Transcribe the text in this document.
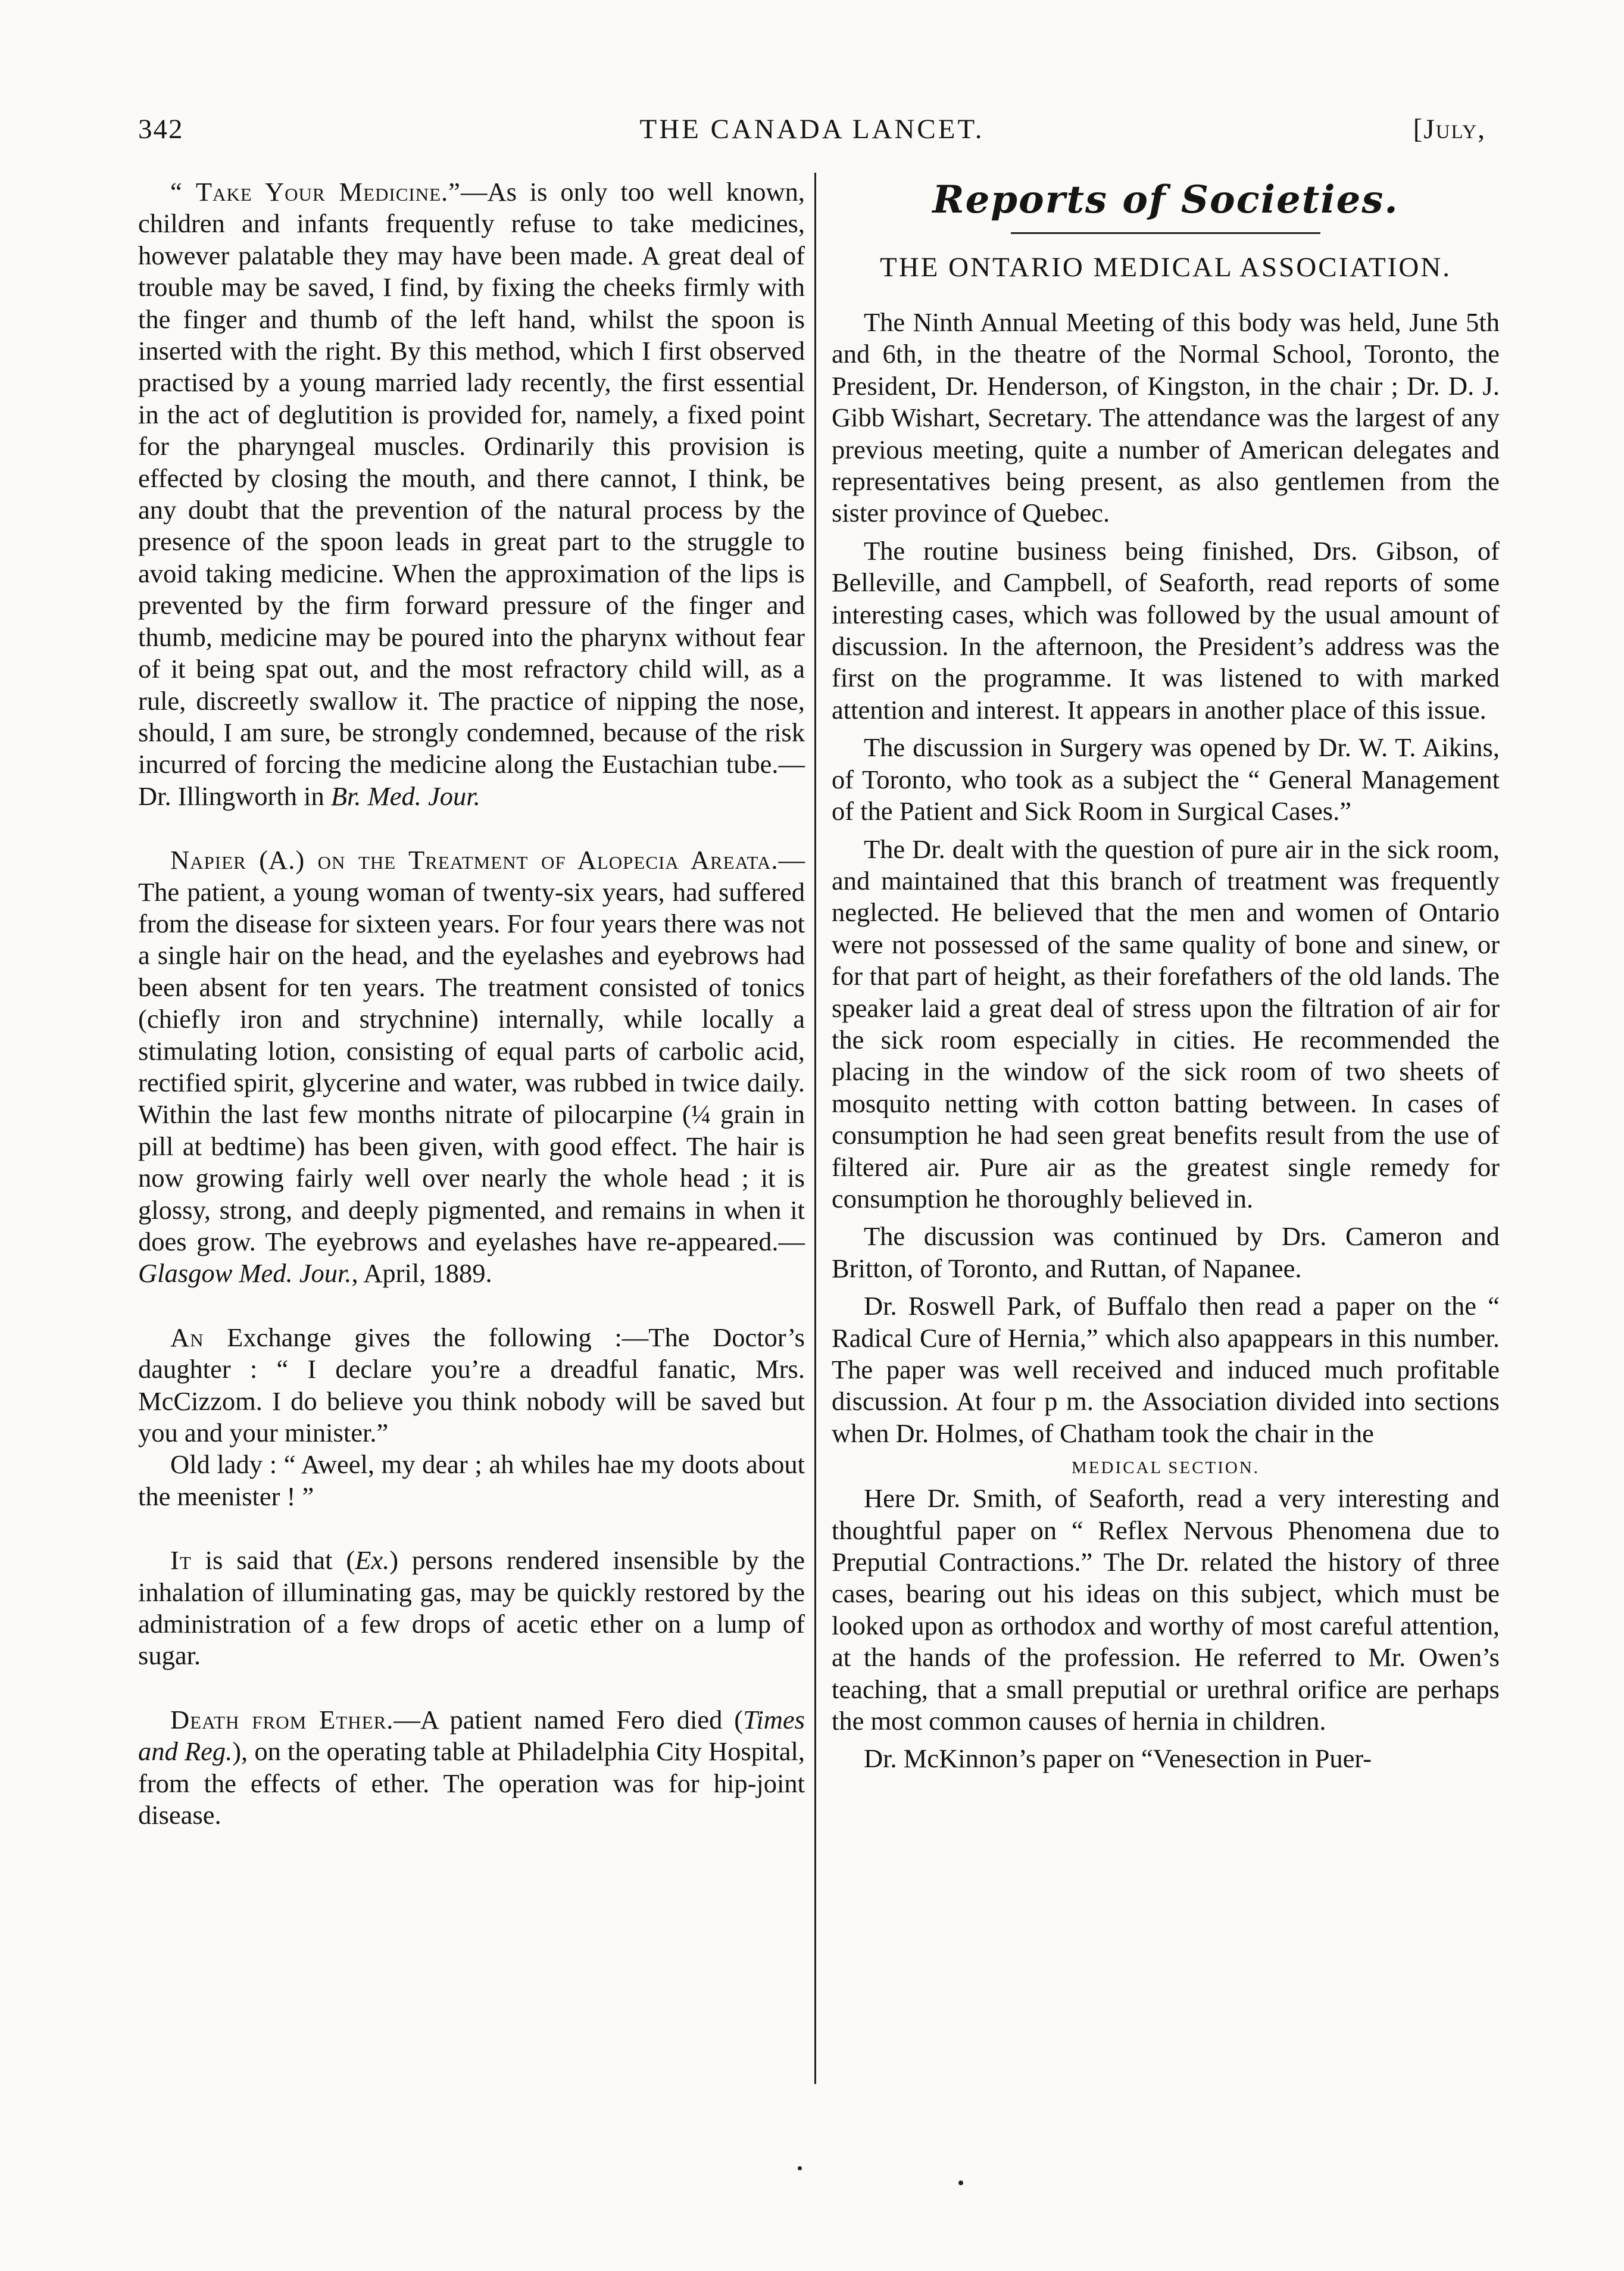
342	THE CANADA LANCET.	[July,

“ Take Your Medicine.”—As is only too well known, children and infants frequently refuse to take medicines, however palatable they may have been made. A great deal of trouble may be saved, I find, by fixing the cheeks firmly with the finger and thumb of the left hand, whilst the spoon is inserted with the right. By this method, which I first observed practised by a young married lady recently, the first essential in the act of deglutition is provided for, namely, a fixed point for the pharyngeal muscles. Ordinarily this provision is effected by closing the mouth, and there cannot, I think, be any doubt that the prevention of the natural process by the presence of the spoon leads in great part to the struggle to avoid taking medicine. When the approximation of the lips is prevented by the firm forward pressure of the finger and thumb, medicine may be poured into the pharynx without fear of it being spat out, and the most refractory child will, as a rule, discreetly swallow it. The practice of nipping the nose, should, I am sure, be strongly condemned, because of the risk incurred of forcing the medicine along the Eustachian tube.—Dr. Illingworth in Br. Med. Jour.

Napier (A.) on the Treatment of Alopecia Areata.—The patient, a young woman of twenty-six years, had suffered from the disease for sixteen years. For four years there was not a single hair on the head, and the eyelashes and eyebrows had been absent for ten years. The treatment consisted of tonics (chiefly iron and strychnine) internally, while locally a stimulating lotion, consisting of equal parts of carbolic acid, rectified spirit, glycerine and water, was rubbed in twice daily. Within the last few months nitrate of pilocarpine (¼ grain in pill at bedtime) has been given, with good effect. The hair is now growing fairly well over nearly the whole head ; it is glossy, strong, and deeply pigmented, and remains in when it does grow. The eyebrows and eyelashes have re-appeared.—Glasgow Med. Jour., April, 1889.

An Exchange gives the following :—The Doctor’s daughter : “ I declare you’re a dreadful fanatic, Mrs. McCizzom. I do believe you think nobody will be saved but you and your minister.”

Old lady : “ Aweel, my dear ; ah whiles hae my doots about the meenister ! ”

It is said that (Ex.) persons rendered insensible by the inhalation of illuminating gas, may be quickly restored by the administration of a few drops of acetic ether on a lump of sugar.

Death from Ether.—A patient named Fero died (Times and Reg.), on the operating table at Philadelphia City Hospital, from the effects of ether. The operation was for hip-joint disease.

Reports of Societies.
THE ONTARIO MEDICAL ASSOCIATION.

The Ninth Annual Meeting of this body was held, June 5th and 6th, in the theatre of the Normal School, Toronto, the President, Dr. Henderson, of Kingston, in the chair ; Dr. D. J. Gibb Wishart, Secretary. The attendance was the largest of any previous meeting, quite a number of American delegates and representatives being present, as also gentlemen from the sister province of Quebec.

The routine business being finished, Drs. Gibson, of Belleville, and Campbell, of Seaforth, read reports of some interesting cases, which was followed by the usual amount of discussion. In the afternoon, the President’s address was the first on the programme. It was listened to with marked attention and interest. It appears in another place of this issue.

The discussion in Surgery was opened by Dr. W. T. Aikins, of Toronto, who took as a subject the “ General Management of the Patient and Sick Room in Surgical Cases.”

The Dr. dealt with the question of pure air in the sick room, and maintained that this branch of treatment was frequently neglected. He believed that the men and women of Ontario were not possessed of the same quality of bone and sinew, or for that part of height, as their forefathers of the old lands. The speaker laid a great deal of stress upon the filtration of air for the sick room especially in cities. He recommended the placing in the window of the sick room of two sheets of mosquito netting with cotton batting between. In cases of consumption he had seen great benefits result from the use of filtered air. Pure air as the greatest single remedy for consumption he thoroughly believed in.

The discussion was continued by Drs. Cameron and Britton, of Toronto, and Ruttan, of Napanee.

Dr. Roswell Park, of Buffalo then read a paper on the “ Radical Cure of Hernia,” which also apappears in this number. The paper was well received and induced much profitable discussion. At four p m. the Association divided into sections when Dr. Holmes, of Chatham took the chair in the

MEDICAL SECTION.

Here Dr. Smith, of Seaforth, read a very interesting and thoughtful paper on “ Reflex Nervous Phenomena due to Preputial Contractions.” The Dr. related the history of three cases, bearing out his ideas on this subject, which must be looked upon as orthodox and worthy of most careful attention, at the hands of the profession. He referred to Mr. Owen’s teaching, that a small preputial or urethral orifice are perhaps the most common causes of hernia in children.

Dr. McKinnon’s paper on “Venesection in Puer-
